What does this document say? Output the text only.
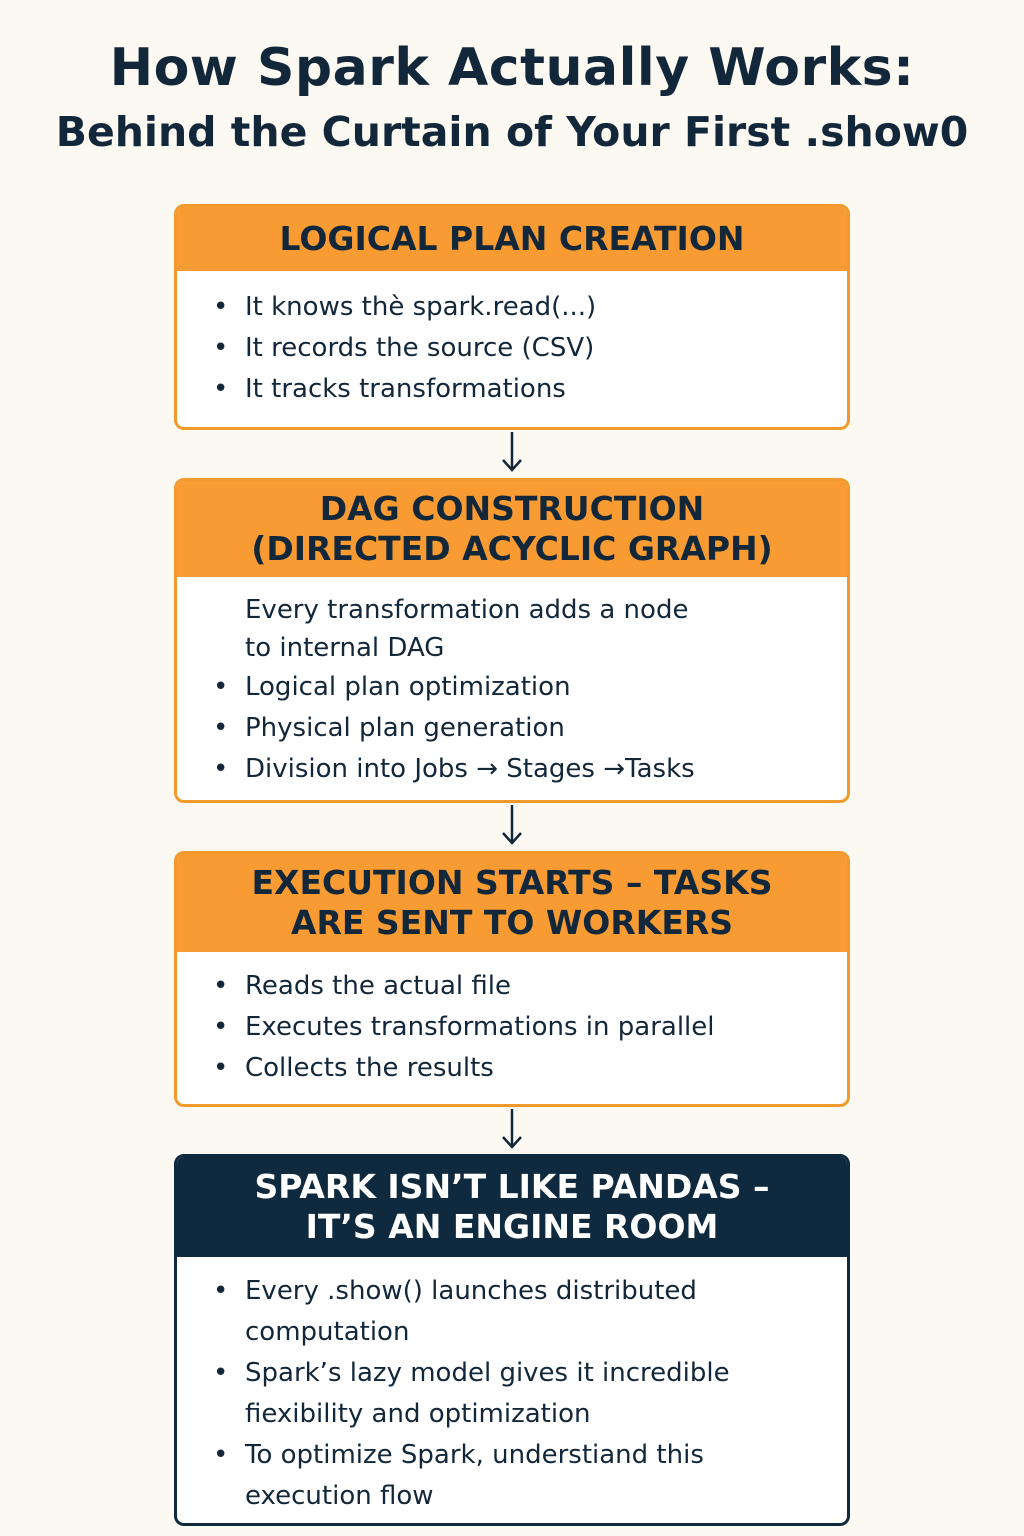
How Spark Actually Works:
Behind the Curtain of Your First .show0
LOGICAL PLAN CREATION
• It knows thè spark.read(...)
• It records the source (CSV)
• It tracks transformations
DAG CONSTRUCTION
(DIRECTED ACYCLIC GRAPH)
Every transformation adds a node
to internal DAG
• Logical plan optimization
• Physical plan generation
• Division into Jobs → Stages →Tasks
EXECUTION STARTS – TASKS
ARE SENT TO WORKERS
• Reads the actual file
• Executes transformations in parallel
• Collects the results
SPARK ISN’T LIKE PANDAS –
IT’S AN ENGINE ROOM
• Every .show() launches distributed
computation
• Spark’s lazy model gives it incredible
fiexibility and optimization
• To optimize Spark, understiand this
execution flow
